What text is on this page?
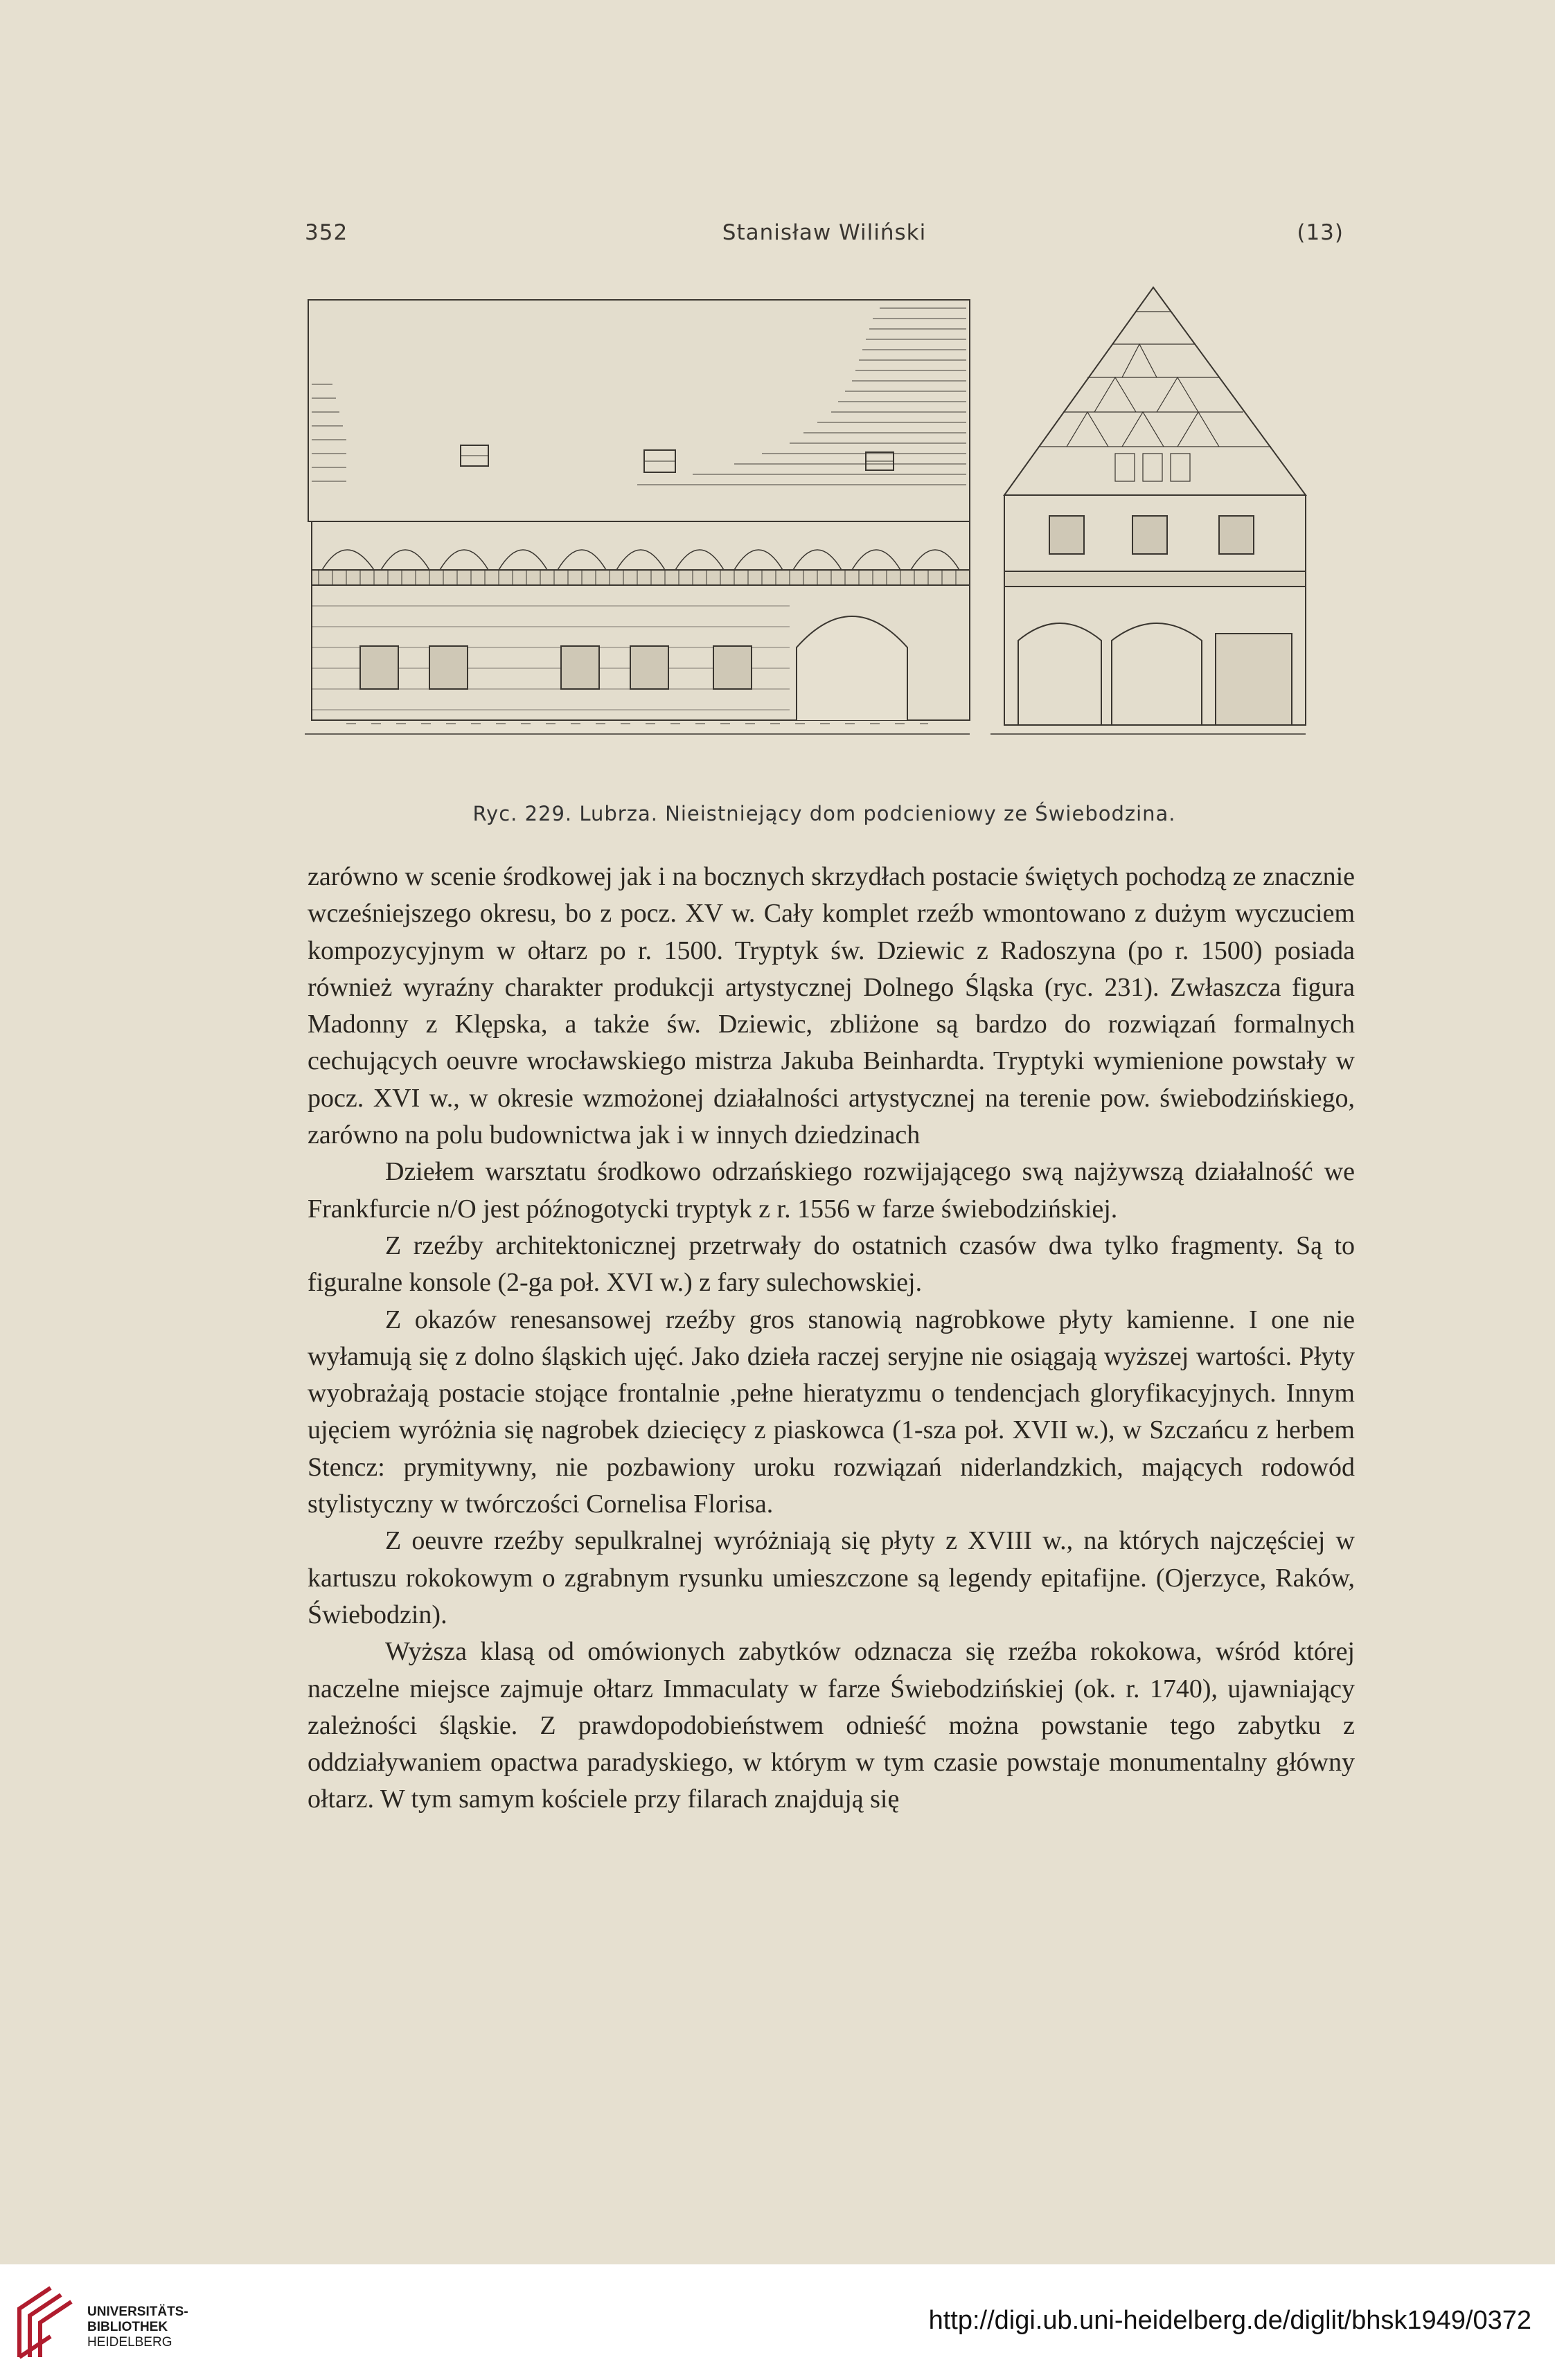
352	Stanisław Wiliński	(13)
Ryc. 229. Lubrza. Nieistniejący dom podcieniowy ze Świebodzina.

zarówno w scenie środkowej jak i na bocznych skrzydłach postacie świętych pochodzą ze znacznie wcześniejszego okresu, bo z pocz. XV w. Cały komplet rzeźb wmontowano z dużym wyczuciem kompozycyjnym w ołtarz po r. 1500. Tryptyk św. Dziewic z Radoszyna (po r. 1500) posiada również wyraźny charakter produkcji artystycznej Dolnego Śląska (ryc. 231). Zwłaszcza figura Madonny z Klępska, a także św. Dziewic, zbliżone są bardzo do rozwiązań formalnych cechujących oeuvre wrocławskiego mistrza Jakuba Beinhardta. Tryptyki wymienione powstały w pocz. XVI w., w okresie wzmożonej działalności artystycznej na terenie pow. świebodzińskiego, zarówno na polu budownictwa jak i w innych dziedzinach

Dziełem warsztatu środkowo odrzańskiego rozwijającego swą najżywszą działalność we Frankfurcie n/O jest późnogotycki tryptyk z r. 1556 w farze świebodzińskiej.

Z rzeźby architektonicznej przetrwały do ostatnich czasów dwa tylko fragmenty. Są to figuralne konsole (2-ga poł. XVI w.) z fary sulechowskiej.

Z okazów renesansowej rzeźby gros stanowią nagrobkowe płyty kamienne. I one nie wyłamują się z dolno śląskich ujęć. Jako dzieła raczej seryjne nie osiągają wyższej wartości. Płyty wyobrażają postacie stojące frontalnie ,pełne hieratyzmu o tendencjach gloryfikacyjnych. Innym ujęciem wyróżnia się nagrobek dziecięcy z piaskowca (1-sza poł. XVII w.), w Szczańcu z herbem Stencz: prymitywny, nie pozbawiony uroku rozwiązań niderlandzkich, mających rodowód stylistyczny w twórczości Cornelisa Florisa.

Z oeuvre rzeźby sepulkralnej wyróżniają się płyty z XVIII w., na których najczęściej w kartuszu rokokowym o zgrabnym rysunku umieszczone są legendy epitafijne. (Ojerzyce, Raków, Świebodzin).

Wyższa klasą od omówionych zabytków odznacza się rzeźba rokokowa, wśród której naczelne miejsce zajmuje ołtarz Immaculaty w farze Świebodzińskiej (ok. r. 1740), ujawniający zależności śląskie. Z prawdopodobieństwem odnieść można powstanie tego zabytku z oddziaływaniem opactwa paradyskiego, w którym w tym czasie powstaje monumentalny główny ołtarz. W tym samym kościele przy filarach znajdują się

UNIVERSITÄTS-
BIBLIOTHEK
HEIDELBERG
http://digi.ub.uni-heidelberg.de/diglit/bhsk1949/0372
